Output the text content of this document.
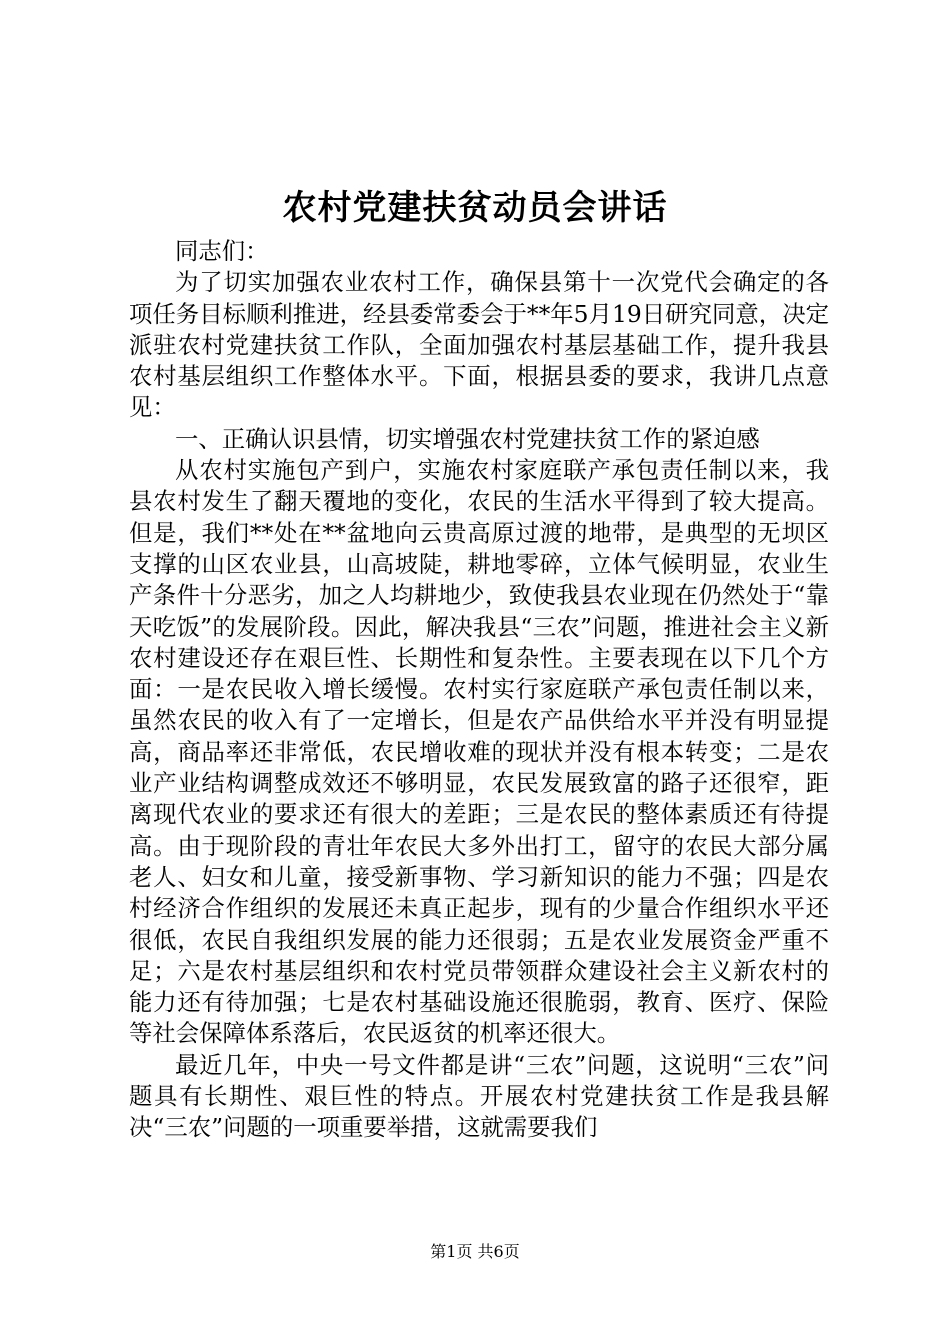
农村党建扶贫动员会讲话

同志们：

为了切实加强农业农村工作，确保县第十一次党代会确定的各项任务目标顺利推进，经县委常委会于**年5月19日研究同意，决定派驻农村党建扶贫工作队，全面加强农村基层基础工作，提升我县农村基层组织工作整体水平。下面，根据县委的要求，我讲几点意见：

一、正确认识县情，切实增强农村党建扶贫工作的紧迫感

从农村实施包产到户，实施农村家庭联产承包责任制以来，我县农村发生了翻天覆地的变化，农民的生活水平得到了较大提高。但是，我们**处在**盆地向云贵高原过渡的地带，是典型的无坝区支撑的山区农业县，山高坡陡，耕地零碎，立体气候明显，农业生产条件十分恶劣，加之人均耕地少，致使我县农业现在仍然处于“靠天吃饭”的发展阶段。因此，解决我县“三农”问题，推进社会主义新农村建设还存在艰巨性、长期性和复杂性。主要表现在以下几个方面：一是农民收入增长缓慢。农村实行家庭联产承包责任制以来，虽然农民的收入有了一定增长，但是农产品供给水平并没有明显提高，商品率还非常低，农民增收难的现状并没有根本转变；二是农业产业结构调整成效还不够明显，农民发展致富的路子还很窄，距离现代农业的要求还有很大的差距；三是农民的整体素质还有待提高。由于现阶段的青壮年农民大多外出打工，留守的农民大部分属老人、妇女和儿童，接受新事物、学习新知识的能力不强；四是农村经济合作组织的发展还未真正起步，现有的少量合作组织水平还很低，农民自我组织发展的能力还很弱；五是农业发展资金严重不足；六是农村基层组织和农村党员带领群众建设社会主义新农村的能力还有待加强；七是农村基础设施还很脆弱，教育、医疗、保险等社会保障体系落后，农民返贫的机率还很大。

最近几年，中央一号文件都是讲“三农”问题，这说明“三农”问题具有长期性、艰巨性的特点。开展农村党建扶贫工作是我县解决“三农”问题的一项重要举措，这就需要我们

第1页 共6页
